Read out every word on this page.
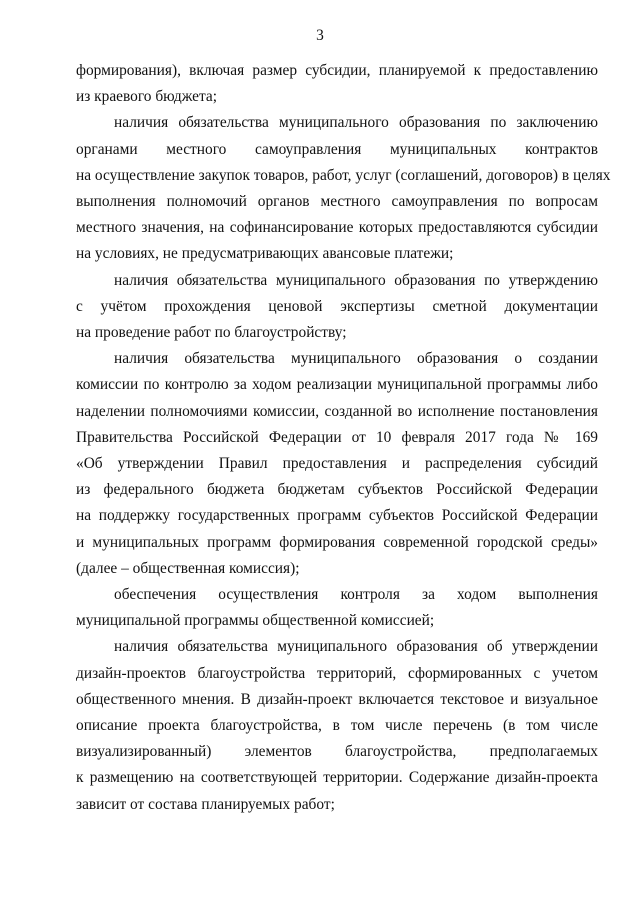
3
формирования), включая размер субсидии, планируемой к предоставлению
из краевого бюджета;
наличия обязательства муниципального образования по заключению
органами местного самоуправления муниципальных контрактов
на осуществление закупок товаров, работ, услуг (соглашений, договоров) в целях
выполнения полномочий органов местного самоуправления по вопросам
местного значения, на софинансирование которых предоставляются субсидии
на условиях, не предусматривающих авансовые платежи;
наличия обязательства муниципального образования по утверждению
с учётом прохождения ценовой экспертизы сметной документации
на проведение работ по благоустройству;
наличия обязательства муниципального образования о создании
комиссии по контролю за ходом реализации муниципальной программы либо
наделении полномочиями комиссии, созданной во исполнение постановления
Правительства Российской Федерации от 10 февраля 2017 года № 169
«Об утверждении Правил предоставления и распределения субсидий
из федерального бюджета бюджетам субъектов Российской Федерации
на поддержку государственных программ субъектов Российской Федерации
и муниципальных программ формирования современной городской среды»
(далее – общественная комиссия);
обеспечения осуществления контроля за ходом выполнения
муниципальной программы общественной комиссией;
наличия обязательства муниципального образования об утверждении
дизайн-проектов благоустройства территорий, сформированных с учетом
общественного мнения. В дизайн-проект включается текстовое и визуальное
описание проекта благоустройства, в том числе перечень (в том числе
визуализированный) элементов благоустройства, предполагаемых
к размещению на соответствующей территории. Содержание дизайн-проекта
зависит от состава планируемых работ;
